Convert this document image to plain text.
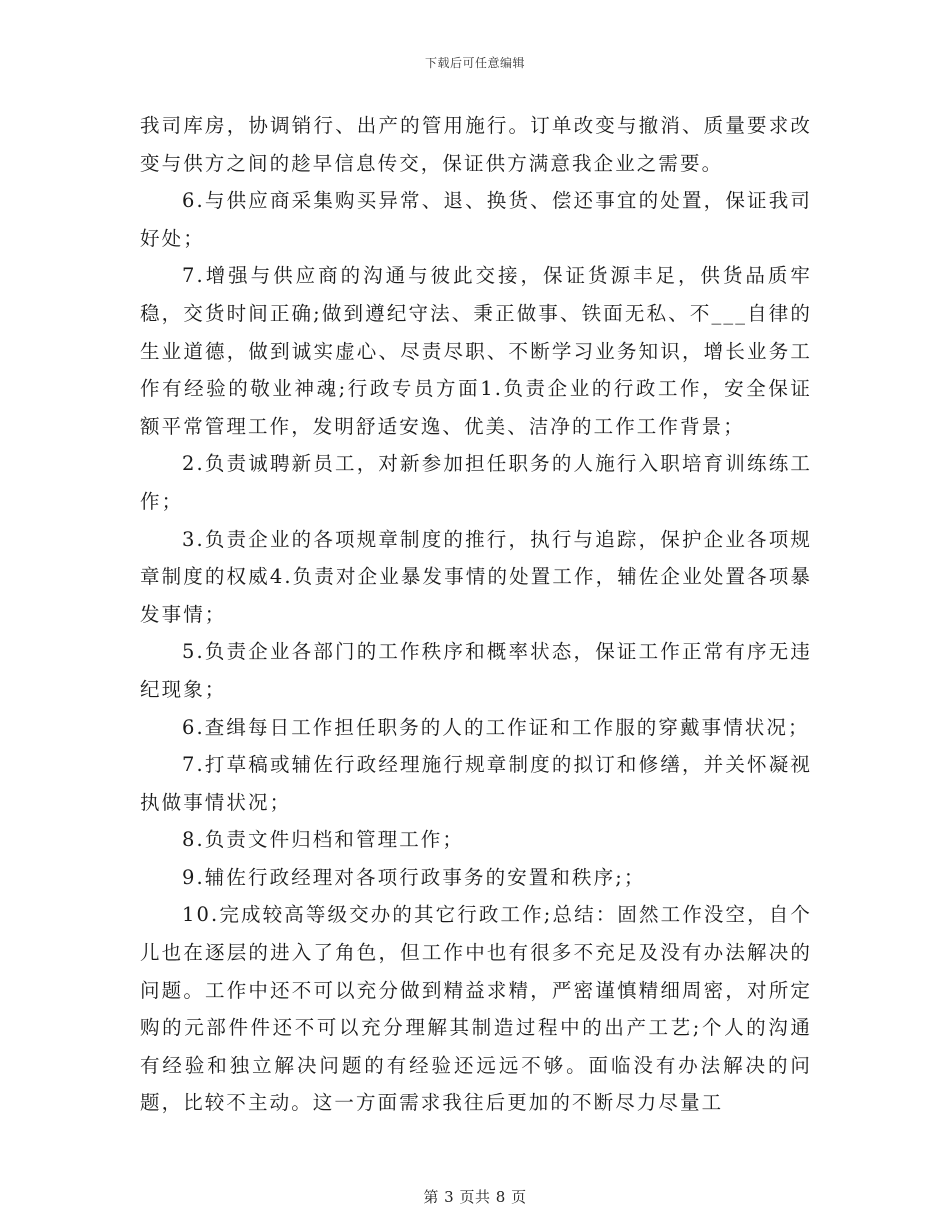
下载后可任意编辑

我司库房，协调销行、出产的管用施行。订单改变与撤消、质量要求改变与供方之间的趁早信息传交，保证供方满意我企业之需要。

6.与供应商采集购买异常、退、换货、偿还事宜的处置，保证我司好处；

7.增强与供应商的沟通与彼此交接，保证货源丰足，供货品质牢稳，交货时间正确;做到遵纪守法、秉正做事、铁面无私、不___自律的生业道德，做到诚实虚心、尽责尽职、不断学习业务知识，增长业务工作有经验的敬业神魂;行政专员方面1.负责企业的行政工作，安全保证额平常管理工作，发明舒适安逸、优美、洁净的工作工作背景；

2.负责诚聘新员工，对新参加担任职务的人施行入职培育训练练工作；

3.负责企业的各项规章制度的推行，执行与追踪，保护企业各项规章制度的权威4.负责对企业暴发事情的处置工作，辅佐企业处置各项暴发事情；

5.负责企业各部门的工作秩序和概率状态，保证工作正常有序无违纪现象；

6.查缉每日工作担任职务的人的工作证和工作服的穿戴事情状况；

7.打草稿或辅佐行政经理施行规章制度的拟订和修缮，并关怀凝视执做事情状况；

8.负责文件归档和管理工作；

9.辅佐行政经理对各项行政事务的安置和秩序;；

10.完成较高等级交办的其它行政工作;总结：固然工作没空，自个儿也在逐层的进入了角色，但工作中也有很多不充足及没有办法解决的问题。工作中还不可以充分做到精益求精，严密谨慎精细周密，对所定购的元部件件还不可以充分理解其制造过程中的出产工艺;个人的沟通有经验和独立解决问题的有经验还远远不够。面临没有办法解决的问题，比较不主动。这一方面需求我往后更加的不断尽力尽量工

第 3 页共 8 页
